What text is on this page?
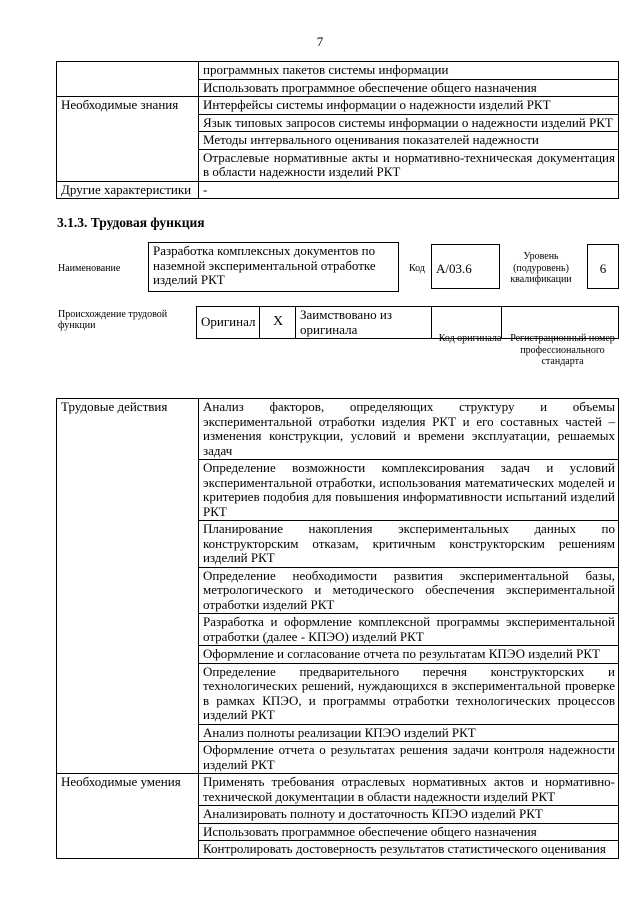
7
	программных пакетов системы информации
	Использовать программное обеспечение общего назначения
Необходимые знания	Интерфейсы системы информации о надежности изделий РКТ
	Язык типовых запросов системы информации о надежности изделий РКТ
	Методы интервального оценивания показателей надежности
	Отраслевые нормативные акты и нормативно-техническая документация в области надежности изделий РКТ
Другие характеристики	-
3.1.3. Трудовая функция
Наименование
Разработка комплексных документов по наземной экспериментальной отработке изделий РКТ
Код А/03.6
Уровень (подуровень) квалификации
6
Происхождение трудовой функции	Оригинал	X	Заимствовано из оригинала		
Код оригинала Регистрационный номер профессионального стандарта
Трудовые действия	Анализ факторов, определяющих структуру и объемы экспериментальной отработки изделия РКТ и его составных частей – изменения конструкции, условий и времени эксплуатации, решаемых задач
	Определение возможности комплексирования задач и условий экспериментальной отработки, использования математических моделей и критериев подобия для повышения информативности испытаний изделий РКТ
	Планирование накопления экспериментальных данных по конструкторским отказам, критичным конструкторским решениям изделий РКТ
	Определение необходимости развития экспериментальной базы, метрологического и методического обеспечения экспериментальной отработки изделий РКТ
	Разработка и оформление комплексной программы экспериментальной отработки (далее - КПЭО) изделий РКТ
	Оформление и согласование отчета по результатам КПЭО изделий РКТ
	Определение предварительного перечня конструкторских и технологических решений, нуждающихся в экспериментальной проверке в рамках КПЭО, и программы отработки технологических процессов изделий РКТ
	Анализ полноты реализации КПЭО изделий РКТ
	Оформление отчета о результатах решения задачи контроля надежности изделий РКТ
Необходимые умения	Применять требования отраслевых нормативных актов и нормативно-технической документации в области надежности изделий РКТ
	Анализировать полноту и достаточность КПЭО изделий РКТ
	Использовать программное обеспечение общего назначения
	Контролировать достоверность результатов статистического оценивания
